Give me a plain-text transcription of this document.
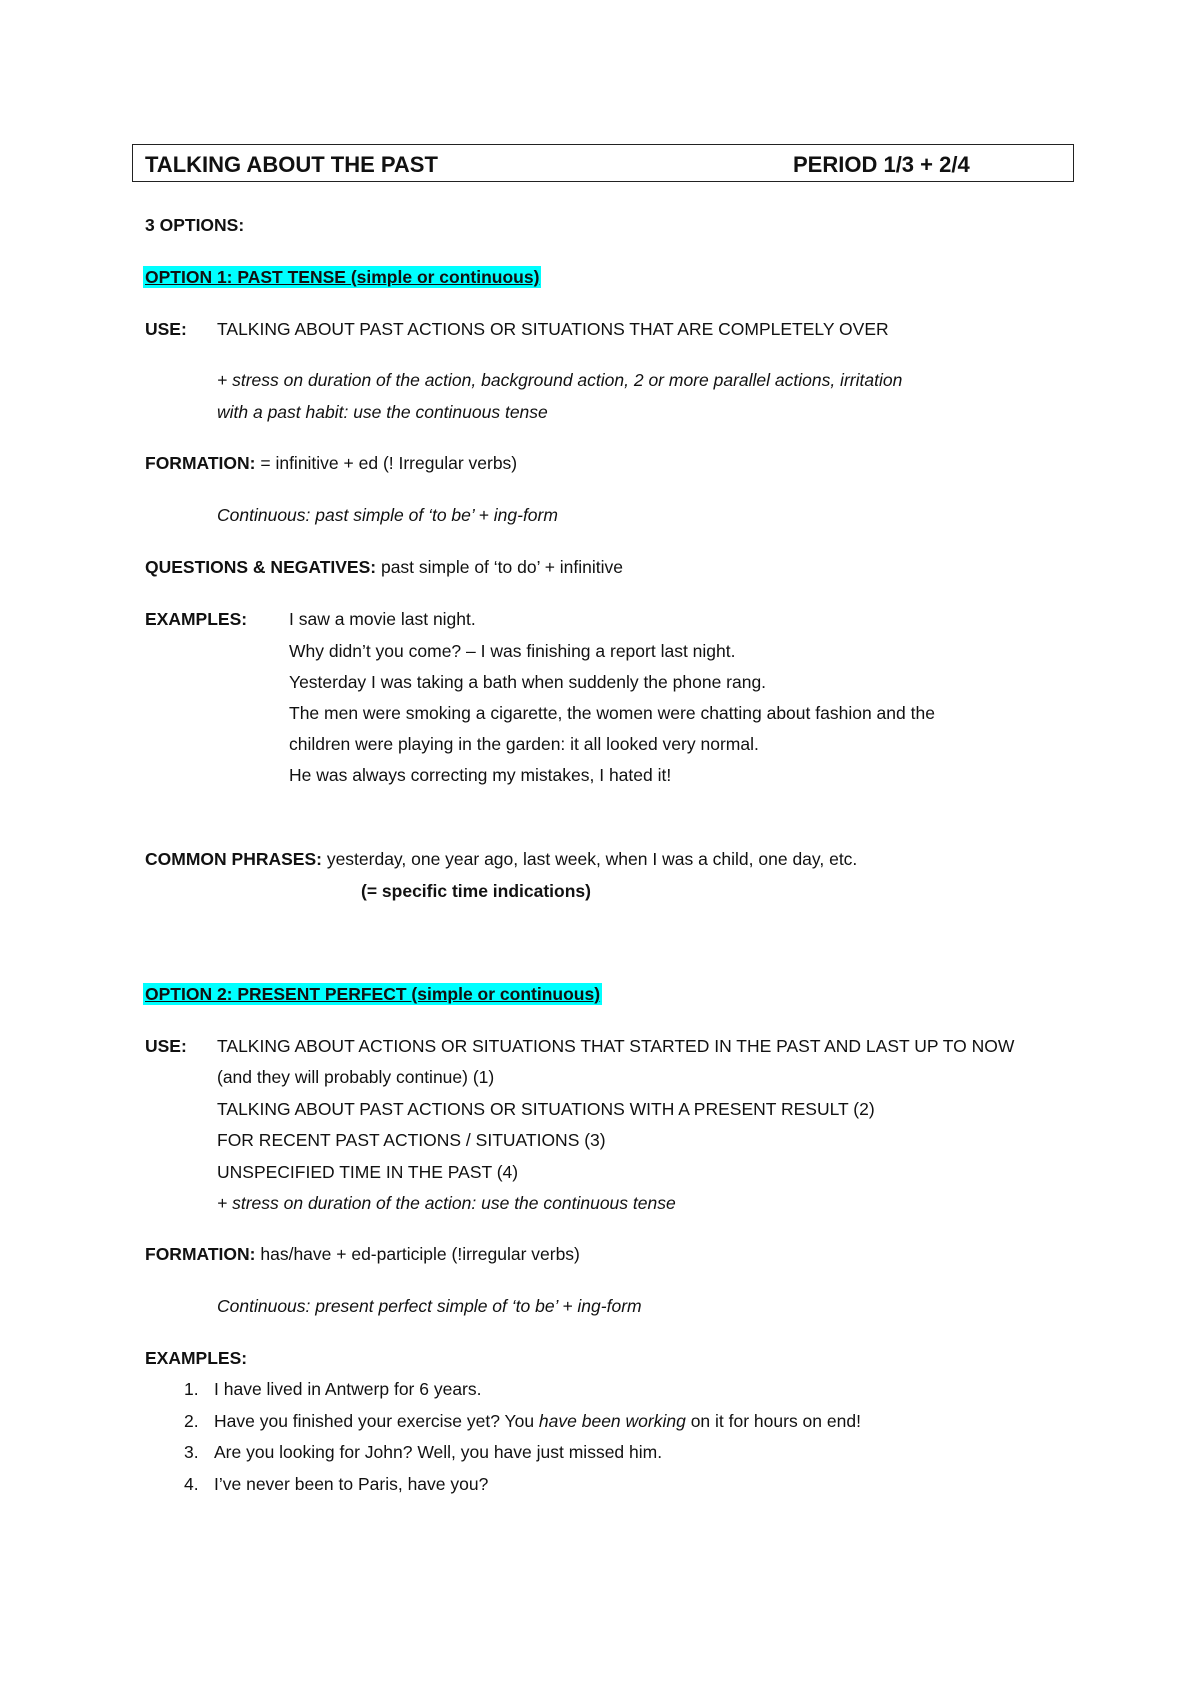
TALKING ABOUT THE PAST	PERIOD 1/3 + 2/4
3 OPTIONS:
OPTION 1: PAST TENSE (simple or continuous)
USE: TALKING ABOUT PAST ACTIONS OR SITUATIONS THAT ARE COMPLETELY OVER
+ stress on duration of the action, background action, 2 or more parallel actions, irritation
with a past habit: use the continuous tense
FORMATION: = infinitive + ed (! Irregular verbs)
Continuous: past simple of ‘to be’ + ing-form
QUESTIONS & NEGATIVES: past simple of ‘to do’ + infinitive
EXAMPLES: I saw a movie last night.
Why didn’t you come? – I was finishing a report last night.
Yesterday I was taking a bath when suddenly the phone rang.
The men were smoking a cigarette, the women were chatting about fashion and the
children were playing in the garden: it all looked very normal.
He was always correcting my mistakes, I hated it!
COMMON PHRASES: yesterday, one year ago, last week, when I was a child, one day, etc.
(= specific time indications)
OPTION 2: PRESENT PERFECT (simple or continuous)
USE: TALKING ABOUT ACTIONS OR SITUATIONS THAT STARTED IN THE PAST AND LAST UP TO NOW
(and they will probably continue) (1)
TALKING ABOUT PAST ACTIONS OR SITUATIONS WITH A PRESENT RESULT (2)
FOR RECENT PAST ACTIONS / SITUATIONS (3)
UNSPECIFIED TIME IN THE PAST (4)
+ stress on duration of the action: use the continuous tense
FORMATION: has/have + ed-participle (!irregular verbs)
Continuous: present perfect simple of ‘to be’ + ing-form
EXAMPLES:
1. I have lived in Antwerp for 6 years.
2. Have you finished your exercise yet? You have been working on it for hours on end!
3. Are you looking for John? Well, you have just missed him.
4. I’ve never been to Paris, have you?
